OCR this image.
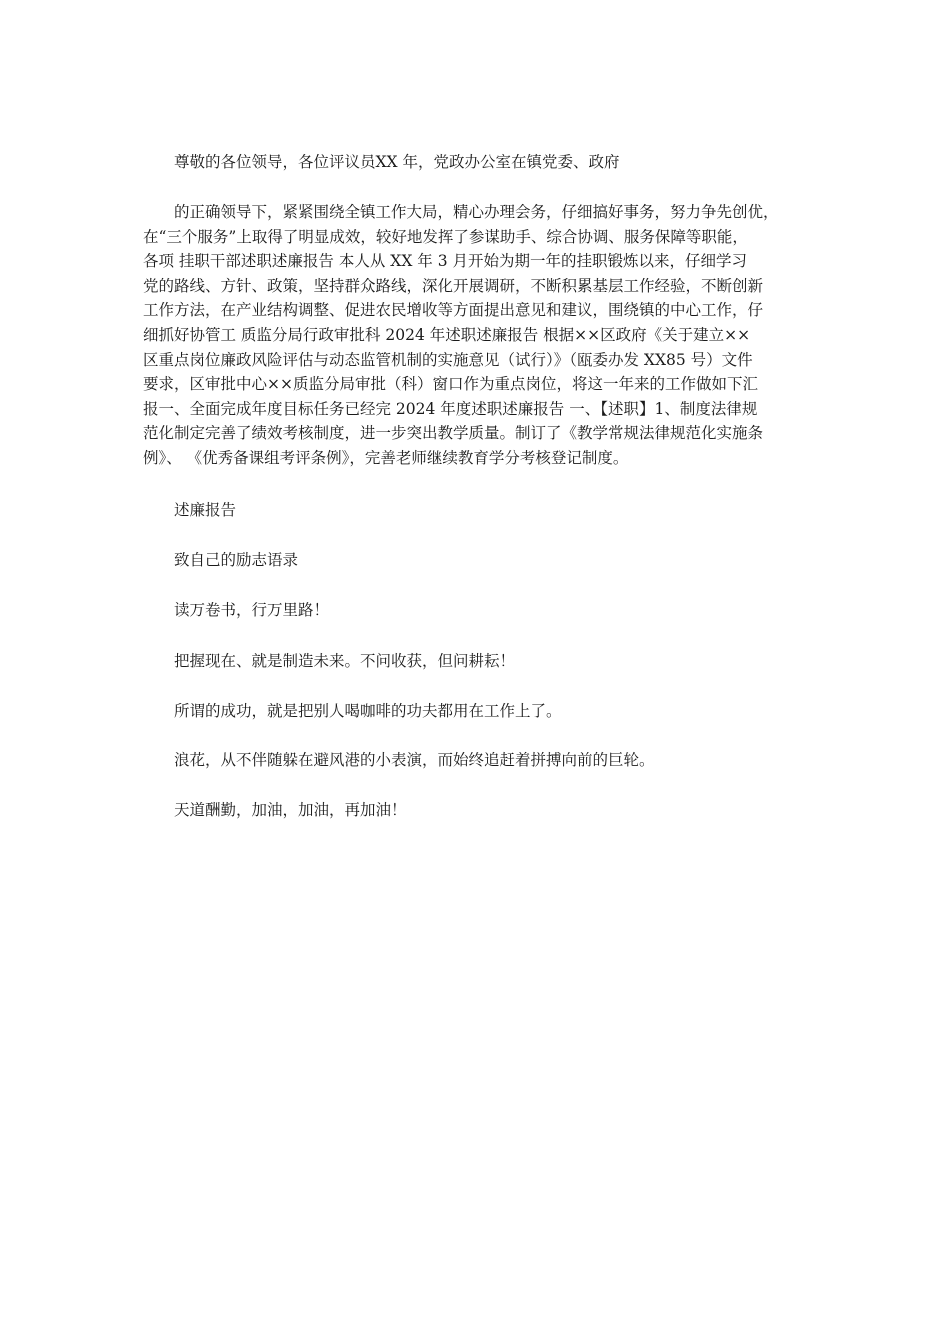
尊敬的各位领导，各位评议员XX 年，党政办公室在镇党委、政府

的正确领导下，紧紧围绕全镇工作大局，精心办理会务，仔细搞好事务，努力争先创优，
在“三个服务”上取得了明显成效，较好地发挥了参谋助手、综合协调、服务保障等职能，
各项 挂职干部述职述廉报告 本人从 XX 年 3 月开始为期一年的挂职锻炼以来，仔细学习
党的路线、方针、政策，坚持群众路线，深化开展调研，不断积累基层工作经验，不断创新
工作方法，在产业结构调整、促进农民增收等方面提出意见和建议，围绕镇的中心工作，仔
细抓好协管工 质监分局行政审批科 2024 年述职述廉报告 根据××区政府《关于建立××
区重点岗位廉政风险评估与动态监管机制的实施意见（试行）》（瓯委办发 XX85 号）文件
要求，区审批中心××质监分局审批（科）窗口作为重点岗位，将这一年来的工作做如下汇
报一、全面完成年度目标任务已经完 2024 年度述职述廉报告 一、【述职】1、制度法律规
范化制定完善了绩效考核制度，进一步突出教学质量。制订了《教学常规法律规范化实施条
例》、 《优秀备课组考评条例》，完善老师继续教育学分考核登记制度。

述廉报告

致自己的励志语录

读万卷书，行万里路！

把握现在、就是制造未来。不问收获，但问耕耘！

所谓的成功，就是把别人喝咖啡的功夫都用在工作上了。

浪花，从不伴随躲在避风港的小表演，而始终追赶着拼搏向前的巨轮。

天道酬勤，加油，加油，再加油！
